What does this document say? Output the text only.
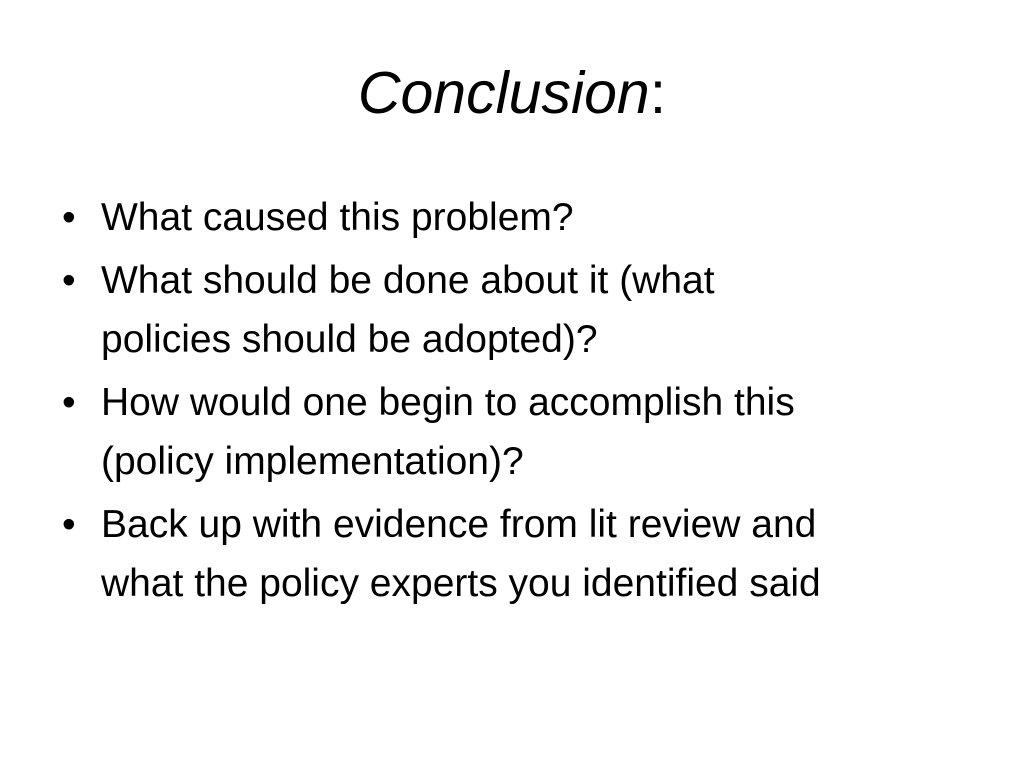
Conclusion:
• What caused this problem?
• What should be done about it (what
policies should be adopted)?
• How would one begin to accomplish this
(policy implementation)?
• Back up with evidence from lit review and
what the policy experts you identified said
